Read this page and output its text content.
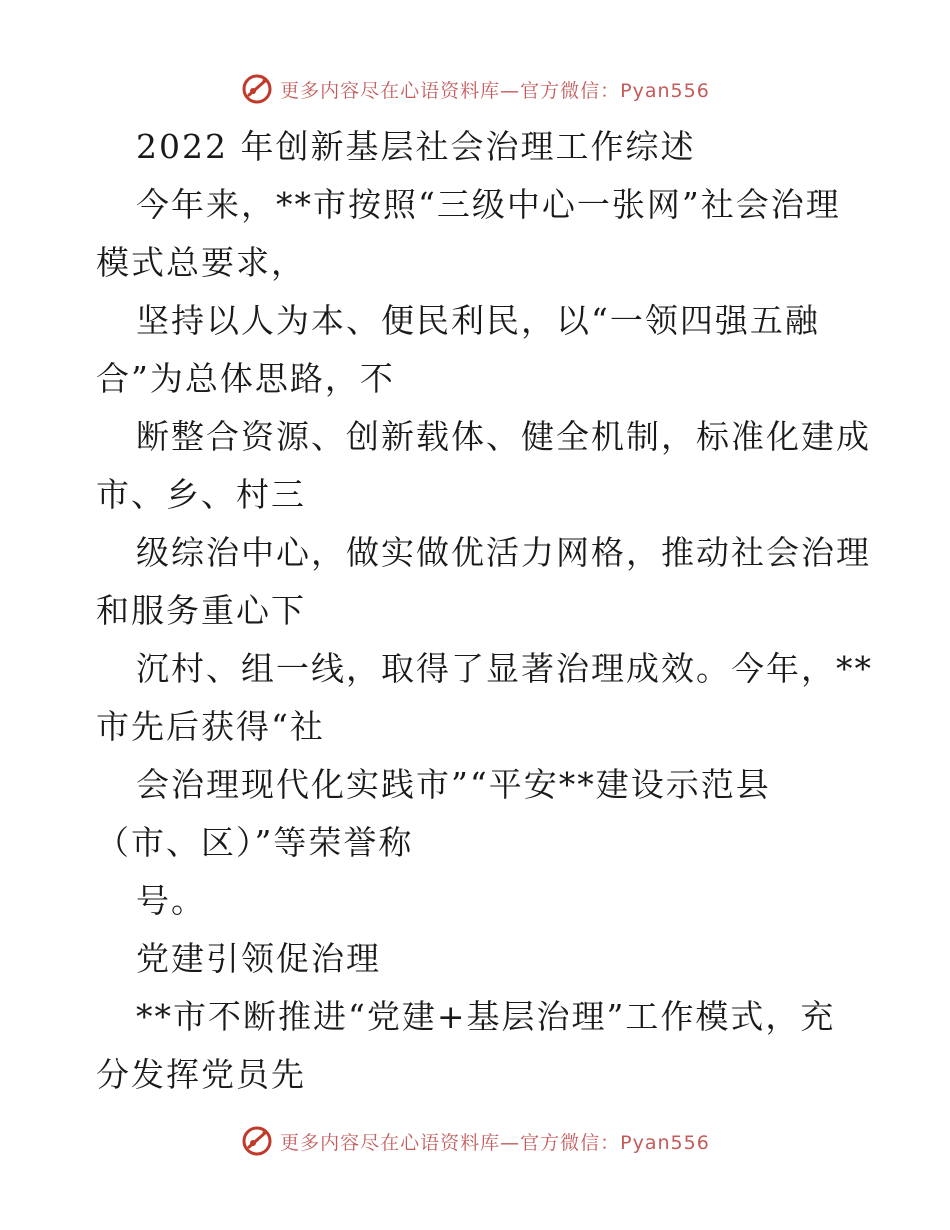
更多内容尽在心语资料库—官方微信：Pyan556
2022 年创新基层社会治理工作综述
今年来，**市按照“三级中心一张网”社会治理
模式总要求，
坚持以人为本、便民利民，以“一领四强五融
合”为总体思路，不
断整合资源、创新载体、健全机制，标准化建成
市、乡、村三
级综治中心，做实做优活力网格，推动社会治理
和服务重心下
沉村、组一线，取得了显著治理成效。今年，**
市先后获得“社
会治理现代化实践市”“平安**建设示范县
（市、区）”等荣誉称
号。
党建引领促治理
**市不断推进“党建+基层治理”工作模式，充
分发挥党员先
更多内容尽在心语资料库—官方微信：Pyan556
